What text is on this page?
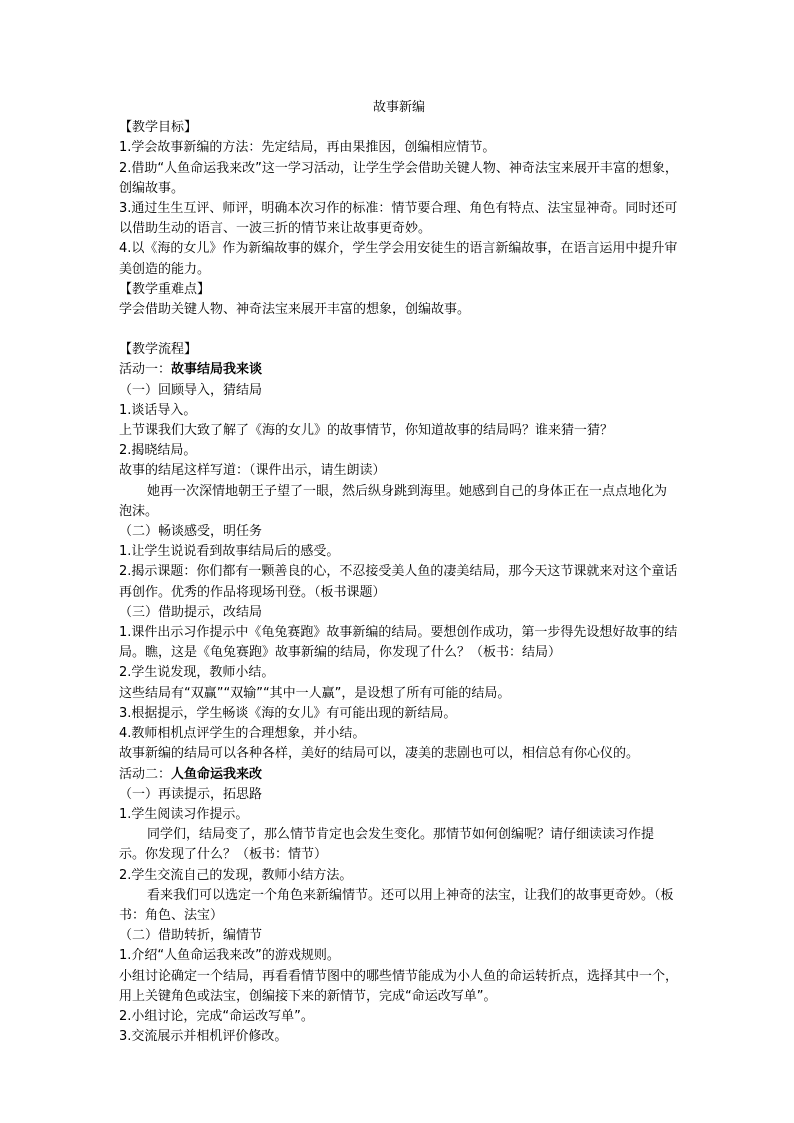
故事新编

【教学目标】

1.学会故事新编的方法：先定结局，再由果推因，创编相应情节。

2.借助“人鱼命运我来改”这一学习活动，让学生学会借助关键人物、神奇法宝来展开丰富的想象，创编故事。

3.通过生生互评、师评，明确本次习作的标准：情节要合理、角色有特点、法宝显神奇。同时还可以借助生动的语言、一波三折的情节来让故事更奇妙。

4.以《海的女儿》作为新编故事的媒介，学生学会用安徒生的语言新编故事，在语言运用中提升审美创造的能力。

【教学重难点】

学会借助关键人物、神奇法宝来展开丰富的想象，创编故事。

【教学流程】

活动一：故事结局我来谈

（一）回顾导入，猜结局

1.谈话导入。

上节课我们大致了解了《海的女儿》的故事情节，你知道故事的结局吗？谁来猜一猜？

2.揭晓结局。

故事的结尾这样写道：（课件出示，请生朗读）

她再一次深情地朝王子望了一眼，然后纵身跳到海里。她感到自己的身体正在一点点地化为泡沫。

（二）畅谈感受，明任务

1.让学生说说看到故事结局后的感受。

2.揭示课题：你们都有一颗善良的心，不忍接受美人鱼的凄美结局，那今天这节课就来对这个童话再创作。优秀的作品将现场刊登。（板书课题）

（三）借助提示，改结局

1.课件出示习作提示中《龟兔赛跑》故事新编的结局。要想创作成功，第一步得先设想好故事的结局。瞧，这是《龟兔赛跑》故事新编的结局，你发现了什么？（板书：结局）

2.学生说发现，教师小结。

这些结局有“双赢”“双输”“其中一人赢”，是设想了所有可能的结局。

3.根据提示，学生畅谈《海的女儿》有可能出现的新结局。

4.教师相机点评学生的合理想象，并小结。

故事新编的结局可以各种各样，美好的结局可以，凄美的悲剧也可以，相信总有你心仪的。

活动二：人鱼命运我来改

（一）再读提示，拓思路

1.学生阅读习作提示。

同学们，结局变了，那么情节肯定也会发生变化。那情节如何创编呢？请仔细读读习作提示。你发现了什么？（板书：情节）

2.学生交流自己的发现，教师小结方法。

看来我们可以选定一个角色来新编情节。还可以用上神奇的法宝，让我们的故事更奇妙。（板书：角色、法宝）

（二）借助转折，编情节

1.介绍“人鱼命运我来改”的游戏规则。

小组讨论确定一个结局，再看看情节图中的哪些情节能成为小人鱼的命运转折点，选择其中一个，用上关键角色或法宝，创编接下来的新情节，完成“命运改写单”。

2.小组讨论，完成“命运改写单”。

3.交流展示并相机评价修改。
